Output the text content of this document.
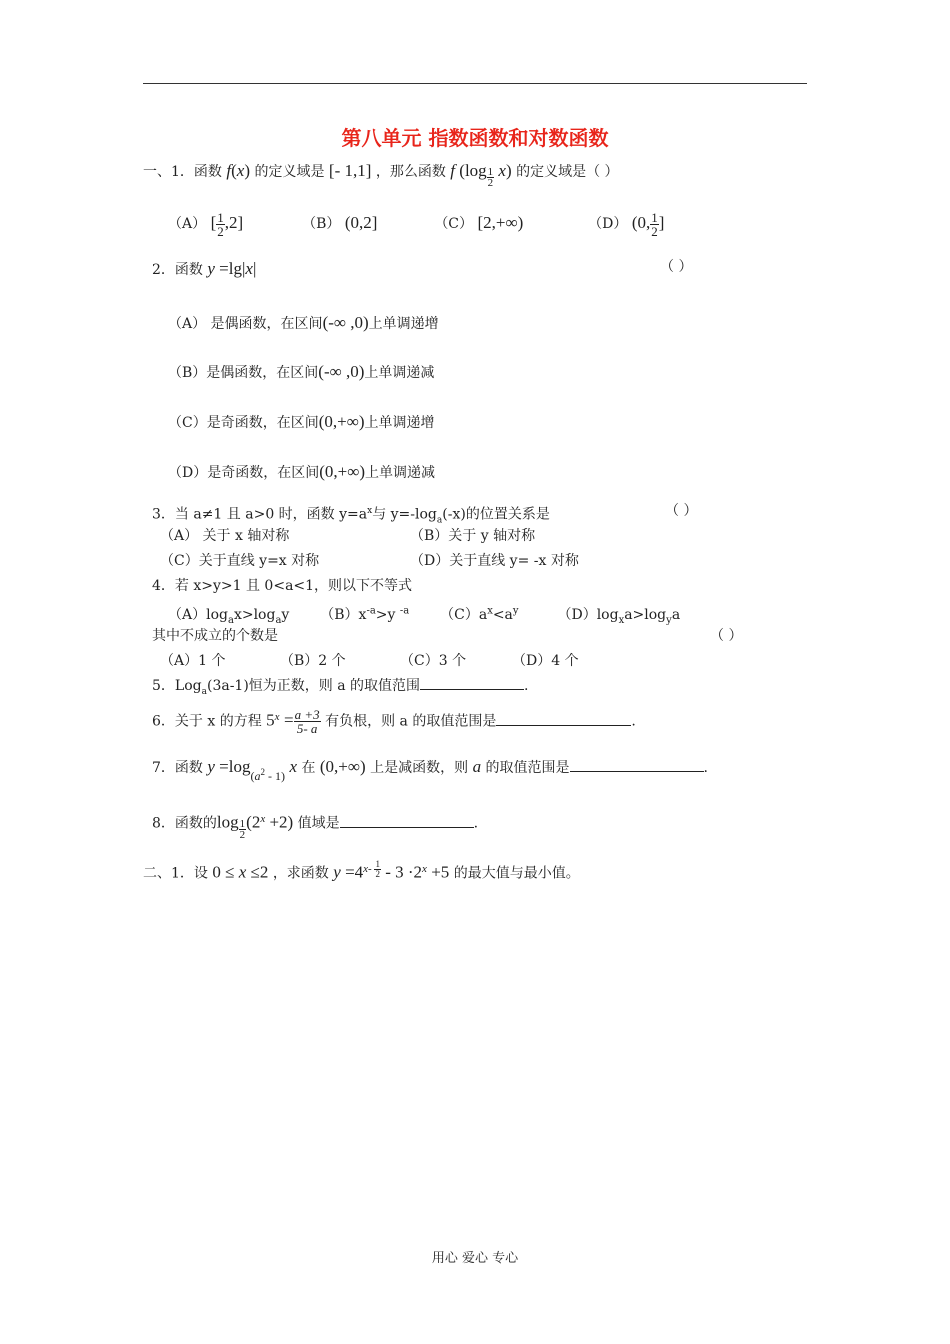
第八单元 指数函数和对数函数
一、1．函数 f(x) 的定义域是 [- 1,1] ，那么函数 f $(\log \frac{1}{2} x)$ 的定义域是（ ）
（A） [ $\frac{1}{2} ,2$]	（B） (0,2]	（C） [2,+∞)	（D） (0, $\frac{1}{2}$ ]
2．函数 y =lg|x|	（ ）
（A） 是偶函数，在区间(-∞ ,0)上单调递增
（B）是偶函数，在区间(-∞ ,0)上单调递减
（C）是奇函数，在区间(0,+∞)上单调递增
（D）是奇函数，在区间(0,+∞)上单调递减
3．当 a≠1 且 a>0 时，函数 $y=a^x$与 $y=-\log_a(-x)$的位置关系是	（ ）
（A） 关于 x 轴对称	（B）关于 y 轴对称
（C）关于直线 y=x 对称	（D）关于直线 y= -x 对称
4．若 x>y>1 且 0<a<1，则以下不等式
$(A)\log_ax>\log_ay$ $(B)x^{-a}>y$ $^{-a}$ $(C)a^x<a^y$	$(D)\log_xa>\log_ya$
其中不成立的个数是	（ ）
（A）1 个	（B）2 个	（C）3 个	（D）4 个
5．Log$_a$(3a-1)恒为正数，则 a 的取值范围	.
6．关于 x 的方程 $5^x = \frac{a +3}{5- a}$ 有负根，则 a 的取值范围是	.
7．函数 $y =\log_{(a^2 - 1)}$ x 在 (0,+∞) 上是减函数，则 a 的取值范围是	.
8．函数的$\log \frac{1}{2} (2^x +2)$ 值域是	.
二、1．设 0 ≤ x ≤2 ，求函数 $y =4^{x- \frac{1}{2}} - 3 \cdot 2^x +5$ 的最大值与最小值。
用心 爱心 专心
